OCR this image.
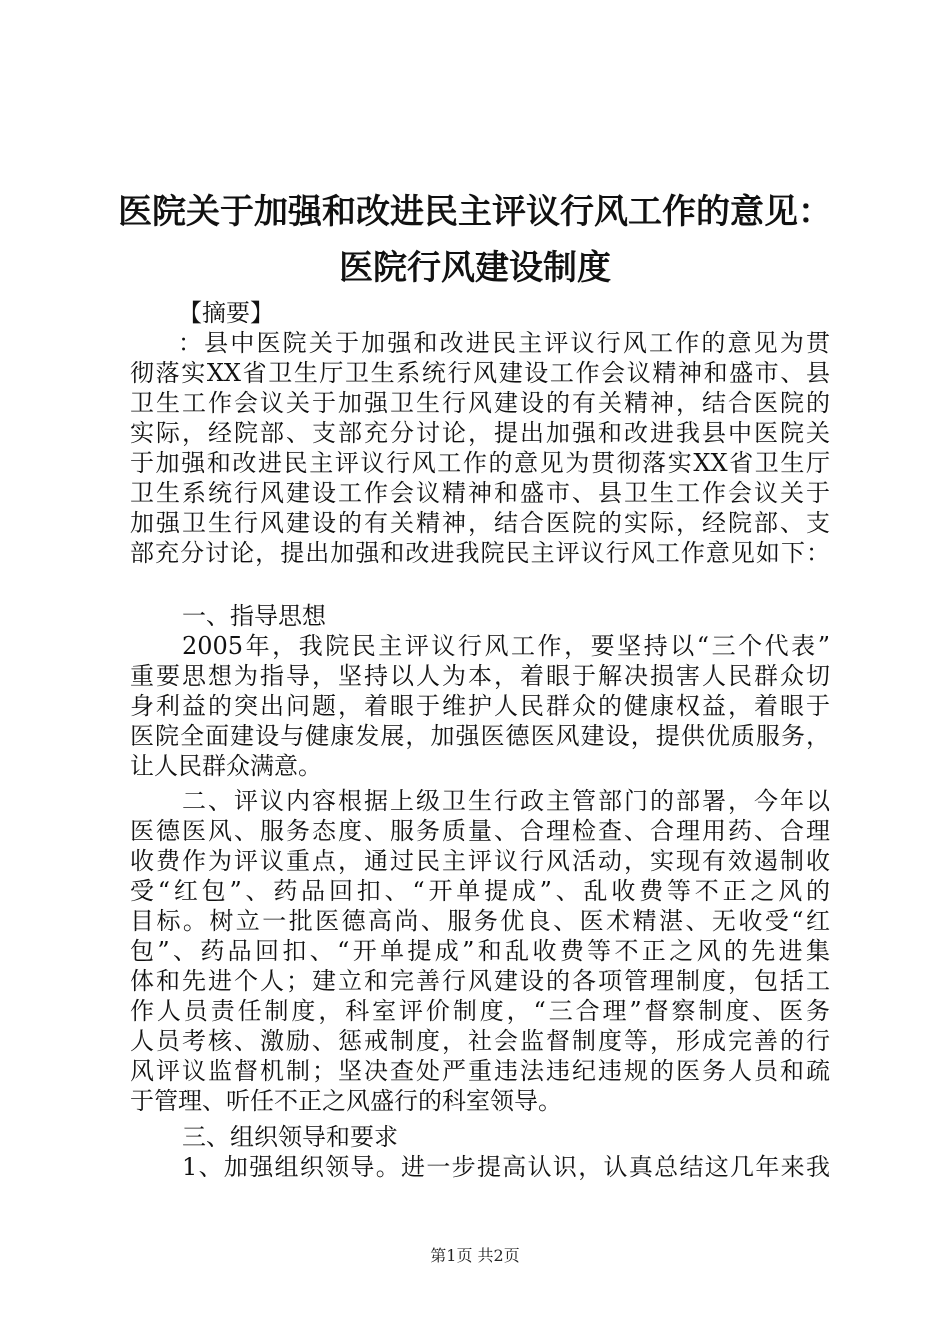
医院关于加强和改进民主评议行风工作的意见：
医院行风建设制度
【摘要】
：县中医院关于加强和改进民主评议行风工作的意见为贯
彻落实XX省卫生厅卫生系统行风建设工作会议精神和盛市、县
卫生工作会议关于加强卫生行风建设的有关精神，结合医院的
实际，经院部、支部充分讨论，提出加强和改进我县中医院关
于加强和改进民主评议行风工作的意见为贯彻落实XX省卫生厅
卫生系统行风建设工作会议精神和盛市、县卫生工作会议关于
加强卫生行风建设的有关精神，结合医院的实际，经院部、支
部充分讨论，提出加强和改进我院民主评议行风工作意见如下：
一、指导思想
2005年，我院民主评议行风工作，要坚持以“三个代表”
重要思想为指导，坚持以人为本，着眼于解决损害人民群众切
身利益的突出问题，着眼于维护人民群众的健康权益，着眼于
医院全面建设与健康发展，加强医德医风建设，提供优质服务，
让人民群众满意。
二、评议内容根据上级卫生行政主管部门的部署，今年以
医德医风、服务态度、服务质量、合理检查、合理用药、合理
收费作为评议重点，通过民主评议行风活动，实现有效遏制收
受“红包”、药品回扣、“开单提成”、乱收费等不正之风的
目标。树立一批医德高尚、服务优良、医术精湛、无收受“红
包”、药品回扣、“开单提成”和乱收费等不正之风的先进集
体和先进个人；建立和完善行风建设的各项管理制度，包括工
作人员责任制度，科室评价制度，“三合理”督察制度、医务
人员考核、激励、惩戒制度，社会监督制度等，形成完善的行
风评议监督机制；坚决查处严重违法违纪违规的医务人员和疏
于管理、听任不正之风盛行的科室领导。
三、组织领导和要求
1、加强组织领导。进一步提高认识，认真总结这几年来我
第1页 共2页
